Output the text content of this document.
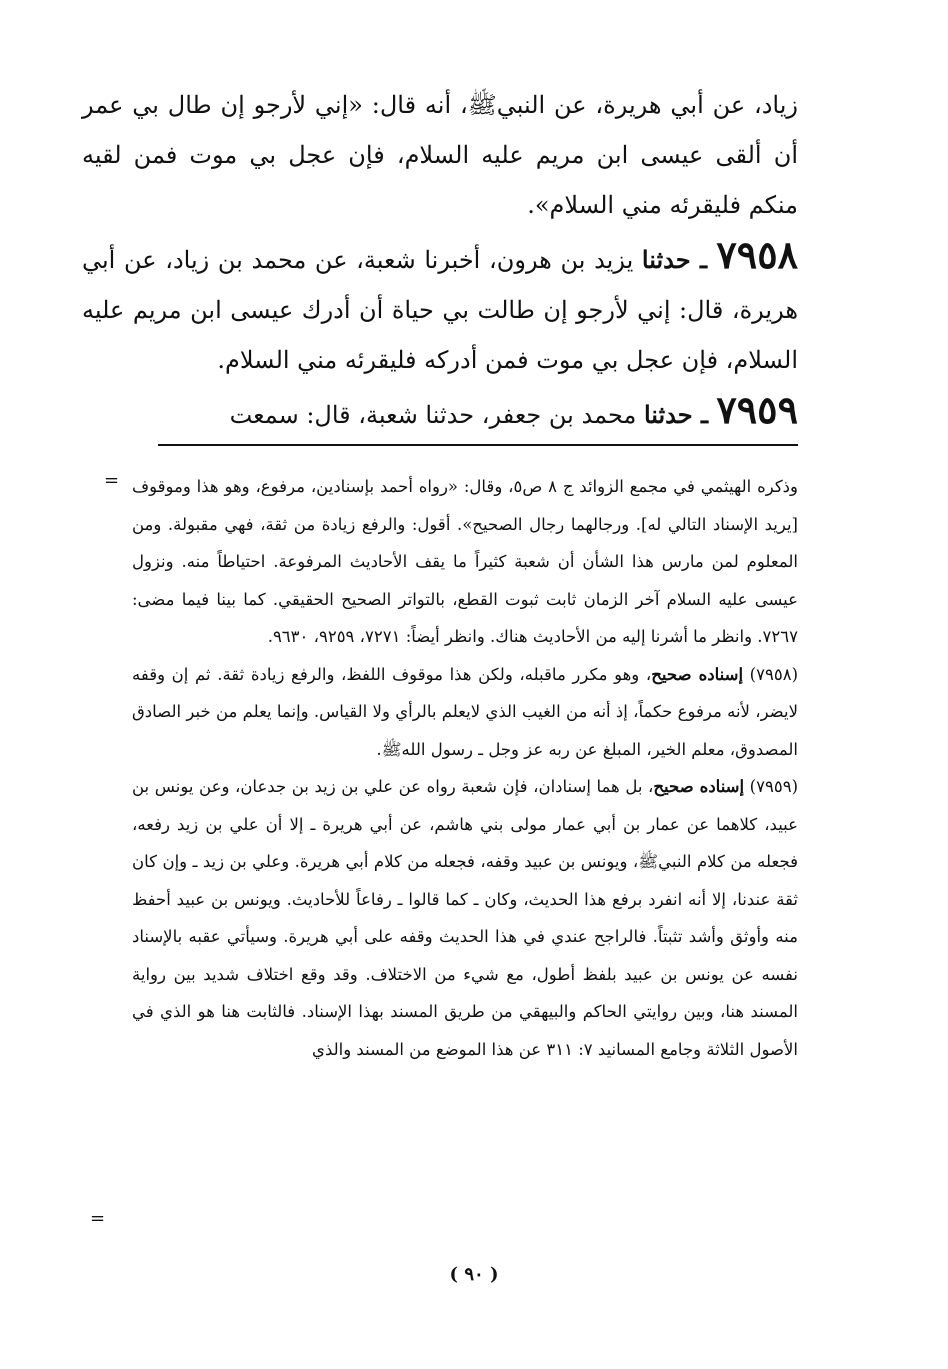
زياد، عن أبي هريرة، عن النبيﷺ، أنه قال: «إني لأرجو إن طال بي عمر أن ألقى عيسى ابن مريم عليه السلام، فإن عجل بي موت فمن لقيه منكم فليقرئه مني السلام».

٧٩٥٨ ـ حدثنا يزيد بن هرون، أخبرنا شعبة، عن محمد بن زياد، عن أبي هريرة، قال: إني لأرجو إن طالت بي حياة أن أدرك عيسى ابن مريم عليه السلام، فإن عجل بي موت فمن أدركه فليقرئه مني السلام.

٧٩٥٩ ـ حدثنا محمد بن جعفر، حدثنا شعبة، قال: سمعت

= وذكره الهيثمي في مجمع الزوائد ج ٨ ص٥، وقال: «رواه أحمد بإسنادين، مرفوع، وهو هذا وموقوف [يريد الإسناد التالي له]. ورجالهما رجال الصحيح». أقول: والرفع زيادة من ثقة، فهي مقبولة. ومن المعلوم لمن مارس هذا الشأن أن شعبة كثيراً ما يقف الأحاديث المرفوعة. احتياطاً منه. ونزول عيسى عليه السلام آخر الزمان ثابت ثبوت القطع، بالتواتر الصحيح الحقيقي. كما بينا فيما مضى: ٧٢٦٧. وانظر ما أشرنا إليه من الأحاديث هناك. وانظر أيضاً: ٧٢٧١، ٩٢٥٩، ٩٦٣٠.

(٧٩٥٨) إسناده صحيح، وهو مكرر ماقبله، ولكن هذا موقوف اللفظ، والرفع زيادة ثقة. ثم إن وقفه لايضر، لأنه مرفوع حكماً، إذ أنه من الغيب الذي لايعلم بالرأي ولا القياس. وإنما يعلم من خبر الصادق المصدوق، معلم الخير، المبلغ عن ربه عز وجل ـ رسول اللهﷺ.

(٧٩٥٩) إسناده صحيح، بل هما إسنادان، فإن شعبة رواه عن علي بن زيد بن جدعان، وعن يونس بن عبيد، كلاهما عن عمار بن أبي عمار مولى بني هاشم، عن أبي هريرة ـ إلا أن علي بن زيد رفعه، فجعله من كلام النبيﷺ، ويونس بن عبيد وقفه، فجعله من كلام أبي هريرة. وعلي بن زيد ـ وإن كان ثقة عندنا، إلا أنه انفرد برفع هذا الحديث، وكان ـ كما قالوا ـ رفاعاً للأحاديث. ويونس بن عبيد أحفظ منه وأوثق وأشد تثبتاً. فالراجح عندي في هذا الحديث وقفه على أبي هريرة. وسيأتي عقبه بالإسناد نفسه عن يونس بن عبيد بلفظ أطول، مع شيء من الاختلاف. وقد وقع اختلاف شديد بين رواية المسند هنا، وبين روايتي الحاكم والبيهقي من طريق المسند بهذا الإسناد. فالثابت هنا هو الذي في الأصول الثلاثة وجامع المسانيد ٧: ٣١١ عن هذا الموضع من المسند والذي

=
( ٩٠ )
